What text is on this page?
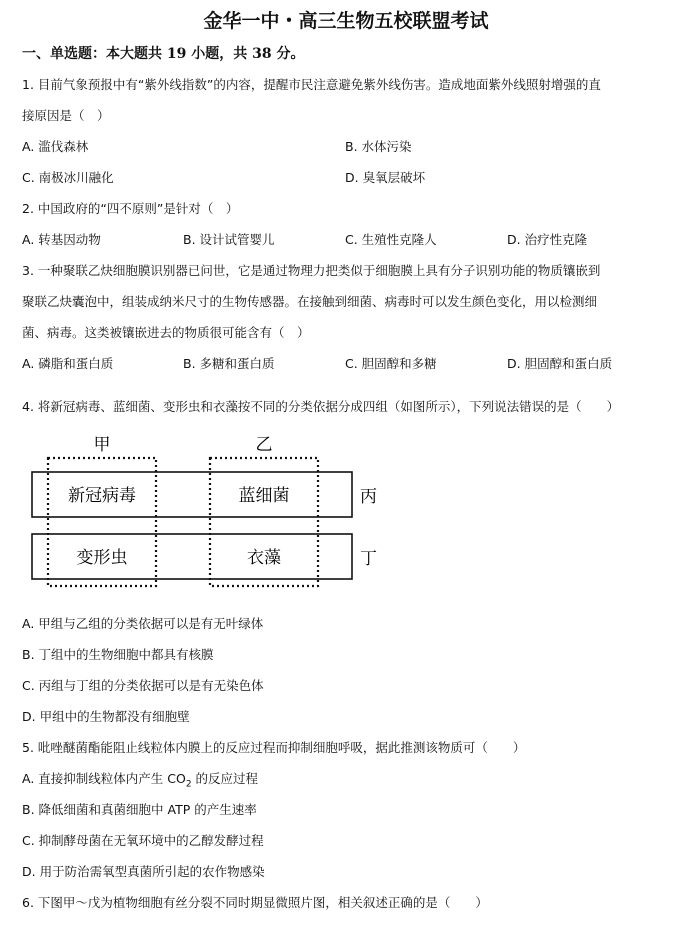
金华一中・高三生物五校联盟考试
一、单选题：本大题共 19 小题，共 38 分。
1. 目前气象预报中有“紫外线指数”的内容，提醒市民注意避免紫外线伤害。造成地面紫外线照射增强的直
接原因是（　）
A. 滥伐森林	B. 水体污染
C. 南极冰川融化	D. 臭氧层破坏
2. 中国政府的“四不原则”是针对（　）
A. 转基因动物	B. 设计试管婴儿	C. 生殖性克隆人	D. 治疗性克隆
3. 一种聚联乙炔细胞膜识别器已问世，它是通过物理力把类似于细胞膜上具有分子识别功能的物质镶嵌到
聚联乙炔囊泡中，组装成纳米尺寸的生物传感器。在接触到细菌、病毒时可以发生颜色变化，用以检测细
菌、病毒。这类被镶嵌进去的物质很可能含有（　）
A. 磷脂和蛋白质	B. 多糖和蛋白质	C. 胆固醇和多糖	D. 胆固醇和蛋白质
4. 将新冠病毒、蓝细菌、变形虫和衣藻按不同的分类依据分成四组（如图所示），下列说法错误的是（　　）
甲	乙
丙
丁
新冠病毒	蓝细菌
变形虫	衣藻
A. 甲组与乙组的分类依据可以是有无叶绿体
B. 丁组中的生物细胞中都具有核膜
C. 丙组与丁组的分类依据可以是有无染色体
D. 甲组中的生物都没有细胞壁
5. 吡唑醚菌酯能阻止线粒体内膜上的反应过程而抑制细胞呼吸，据此推测该物质可（　　）
A. 直接抑制线粒体内产生 $CO_2$ 的反应过程
B. 降低细菌和真菌细胞中 ATP 的产生速率
C. 抑制酵母菌在无氧环境中的乙醇发酵过程
D. 用于防治需氧型真菌所引起的农作物感染
6. 下图甲～戊为植物细胞有丝分裂不同时期显微照片图，相关叙述正确的是（　　）
